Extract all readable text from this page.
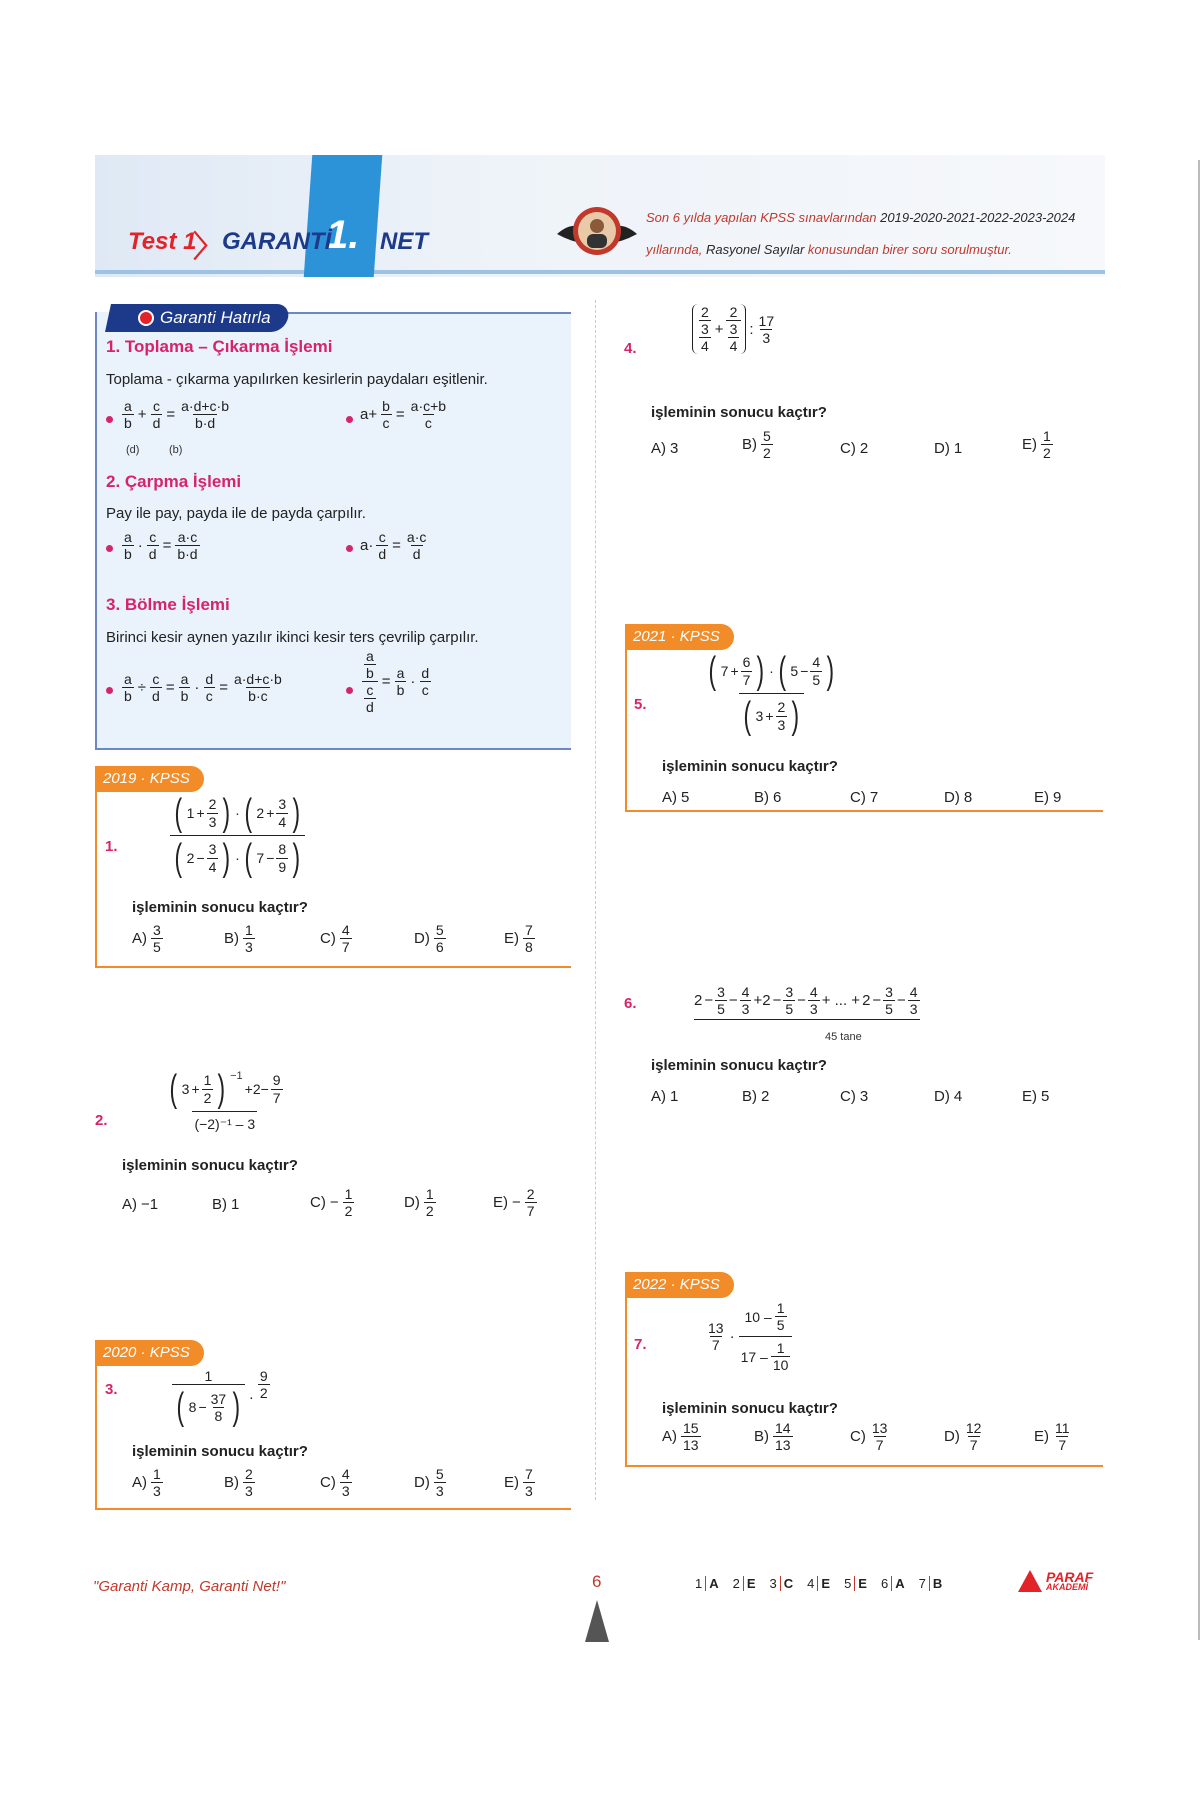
1.
Test 1
〉 GARANTİ NET
Son 6 yılda yapılan KPSS sınavlarından 2019-2020-2021-2022-2023-2024
yıllarında, Rasyonel Sayılar konusundan birer soru sorulmuştur.
Garanti Hatırla
1. Toplama – Çıkarma İşlemi
Toplama - çıkarma yapılırken kesirlerin paydaları eşitlenir.
$\frac{a}{b} + \frac{c}{d} = \frac{a\cdot d+c\cdot b}{b\cdot d}$
(d)	(b)
$a+ \frac{b}{c} = \frac{a\cdot c+b}{c}$
2. Çarpma İşlemi
Pay ile pay, payda ile de payda çarpılır.
$\frac{a}{b} \cdot \frac{c}{d} = \frac{a\cdot c}{b\cdot d}$	$a\cdot \frac{c}{d} = \frac{a\cdot c}{d}$
3. Bölme İşlemi
Birinci kesir aynen yazılır ikinci kesir ters çevrilip çarpılır.
$\frac{a}{b} \div \frac{c}{d} = \frac{a}{b} \cdot \frac{d}{c} = \frac{a\cdot d+c\cdot b}{b\cdot c}$	$\frac{\frac{a}{b}}{\frac{c}{d}} = \frac{a}{b} \cdot \frac{d}{c}$
2019 · KPSS
1. $\frac{( 1 + \frac{2}{3} ) \cdot ( 2 + \frac{3}{4} )}{( 2 - \frac{3}{4} ) \cdot ( 7 - \frac{8}{9} )}$
işleminin sonucu kaçtır?
$A) \frac{3}{5}$	$B) \frac{1}{3}$	$C) \frac{4}{7}$	$D) \frac{5}{6}$	$E) \frac{7}{8}$
2. ( $3 + \frac{1}{2}$ ) $^{-1}$
$+2- \frac{9}{7}$
(−2)⁻¹ – 3
işleminin sonucu kaçtır?
A) −1	B) 1	$C) - \frac{1}{2}$	$D) \frac{1}{2}$	$E) - \frac{2}{7}$
2020 · KPSS
3.	$\frac{1}{( 8 - \frac{37}{8} )} \cdot \frac{9}{2}$
işleminin sonucu kaçtır?
$A) \frac{1}{3}$	$B) \frac{2}{3}$	$C) \frac{4}{3}$	$D) \frac{5}{3}$	$E) \frac{7}{3}$
4.	$\frac{\frac{2}{3}}{4} + \frac{2}{\frac{3}{4}}$ : $\frac{17}{3}$
işleminin sonucu kaçtır?
A) 3	$B) \frac{5}{2}$	C) 2	D) 1	$E) \frac{1}{2}$
2021 · KPSS
5. $\frac{( 7 + \frac{6}{7} ) \cdot ( 5 - \frac{4}{5} )}{( 3 + \frac{2}{3} )}$
işleminin sonucu kaçtır?
A) 5	B) 6	C) 7	D) 8	E) 9
6.	$2 - \frac{3}{5} - \frac{4}{3} +2 - \frac{3}{5} - \frac{4}{3}$ + ... + $2 - \frac{3}{5} - \frac{4}{3}$
45 tane
işleminin sonucu kaçtır?
A) 1	B) 2	C) 3	D) 4	E) 5
2022 · KPSS
7.	$\frac{13}{7} \cdot \frac{10 - \frac{1}{5}}{17 - \frac{1}{10}}$
işleminin sonucu kaçtır?
$A) \frac{15}{13}$	$B) \frac{14}{13}$	$C) \frac{13}{7}$	$D) \frac{12}{7}$	$E) \frac{11}{7}$
"Garanti Kamp, Garanti Net!"	6	1 A 2 E 3 C 4 E 5 E 6 A 7 B	PARAF
AKADEMİ
